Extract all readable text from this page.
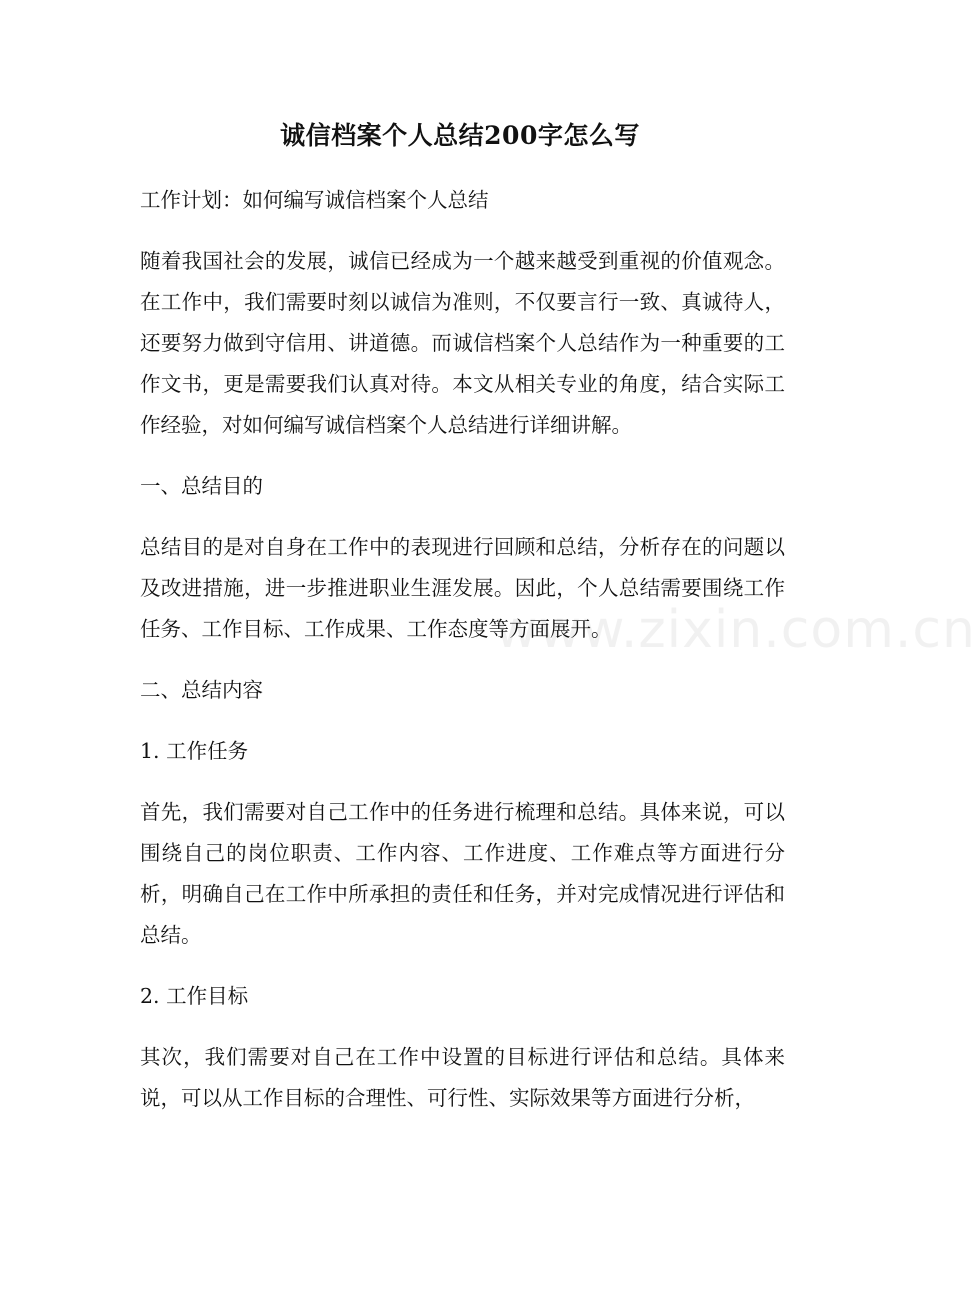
诚信档案个人总结200字怎么写
www.zixin.com.cn

工作计划：如何编写诚信档案个人总结

随着我国社会的发展，诚信已经成为一个越来越受到重视的价值观念。在工作中，我们需要时刻以诚信为准则，不仅要言行一致、真诚待人，还要努力做到守信用、讲道德。而诚信档案个人总结作为一种重要的工作文书，更是需要我们认真对待。本文从相关专业的角度，结合实际工作经验，对如何编写诚信档案个人总结进行详细讲解。

一、总结目的

总结目的是对自身在工作中的表现进行回顾和总结，分析存在的问题以及改进措施，进一步推进职业生涯发展。因此，个人总结需要围绕工作任务、工作目标、工作成果、工作态度等方面展开。

二、总结内容

1. 工作任务

首先，我们需要对自己工作中的任务进行梳理和总结。具体来说，可以围绕自己的岗位职责、工作内容、工作进度、工作难点等方面进行分析，明确自己在工作中所承担的责任和任务，并对完成情况进行评估和总结。

2. 工作目标

其次，我们需要对自己在工作中设置的目标进行评估和总结。具体来说，可以从工作目标的合理性、可行性、实际效果等方面进行分析，
